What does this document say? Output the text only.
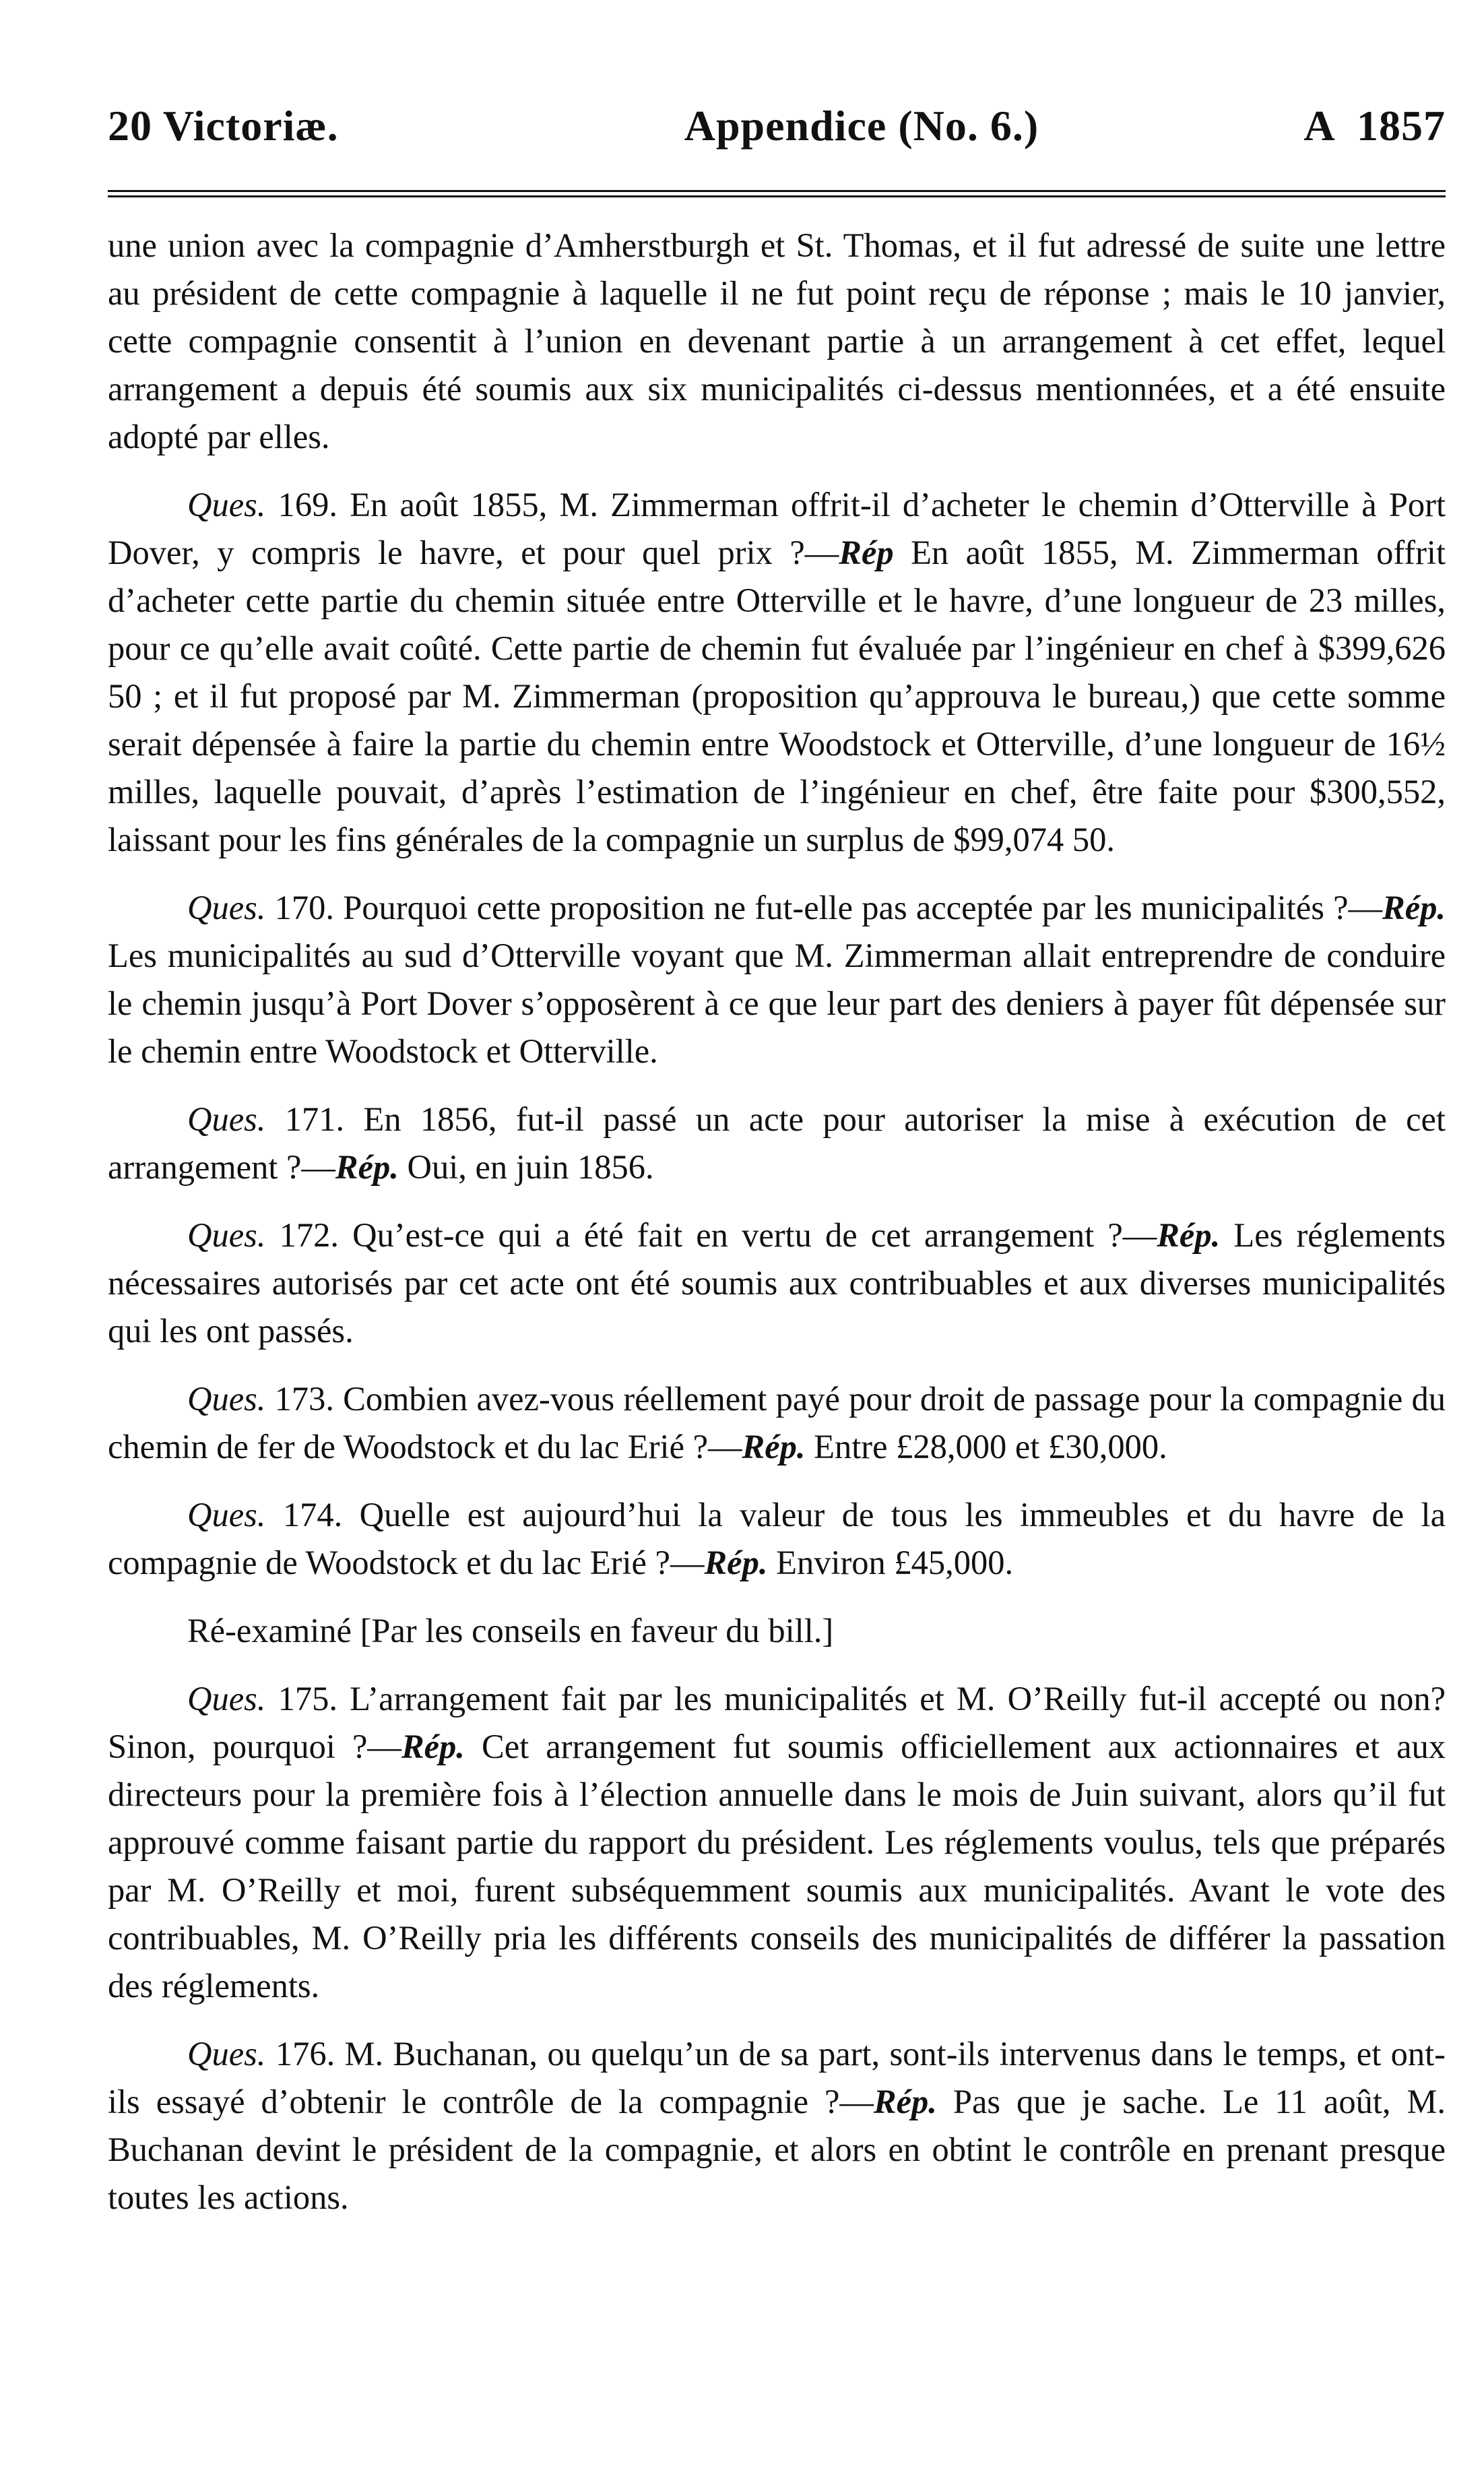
20 Victoriæ.	Appendice (No. 6.)	A 1857

une union avec la compagnie d’Amherstburgh et St. Thomas, et il fut adressé de suite une lettre au président de cette compagnie à laquelle il ne fut point reçu de réponse ; mais le 10 janvier, cette compagnie consentit à l’union en devenant partie à un arrangement à cet effet, lequel arrangement a depuis été soumis aux six municipalités ci-dessus mentionnées, et a été ensuite adopté par elles.

Ques. 169. En août 1855, M. Zimmerman offrit-il d’acheter le chemin d’Otterville à Port Dover, y compris le havre, et pour quel prix ?—Rép En août 1855, M. Zimmerman offrit d’acheter cette partie du chemin située entre Otterville et le havre, d’une longueur de 23 milles, pour ce qu’elle avait coûté. Cette partie de chemin fut évaluée par l’ingénieur en chef à $399,626 50 ; et il fut proposé par M. Zimmerman (proposition qu’approuva le bureau,) que cette somme serait dépensée à faire la partie du chemin entre Woodstock et Otterville, d’une longueur de 16½ milles, laquelle pouvait, d’après l’estimation de l’ingénieur en chef, être faite pour $300,552, laissant pour les fins générales de la compagnie un surplus de $99,074 50.

Ques. 170. Pourquoi cette proposition ne fut-elle pas acceptée par les municipalités ?—Rép. Les municipalités au sud d’Otterville voyant que M. Zimmerman allait entreprendre de conduire le chemin jusqu’à Port Dover s’opposèrent à ce que leur part des deniers à payer fût dépensée sur le chemin entre Woodstock et Otterville.

Ques. 171. En 1856, fut-il passé un acte pour autoriser la mise à exécution de cet arrangement ?—Rép. Oui, en juin 1856.

Ques. 172. Qu’est-ce qui a été fait en vertu de cet arrangement ?—Rép. Les réglements nécessaires autorisés par cet acte ont été soumis aux contribuables et aux diverses municipalités qui les ont passés.

Ques. 173. Combien avez-vous réellement payé pour droit de passage pour la compagnie du chemin de fer de Woodstock et du lac Erié ?—Rép. Entre £28,000 et £30,000.

Ques. 174. Quelle est aujourd’hui la valeur de tous les immeubles et du havre de la compagnie de Woodstock et du lac Erié ?—Rép. Environ £45,000.

Ré-examiné [Par les conseils en faveur du bill.]

Ques. 175. L’arrangement fait par les municipalités et M. O’Reilly fut-il accepté ou non? Sinon, pourquoi ?—Rép. Cet arrangement fut soumis officiellement aux actionnaires et aux directeurs pour la première fois à l’élection annuelle dans le mois de Juin suivant, alors qu’il fut approuvé comme faisant partie du rapport du président. Les réglements voulus, tels que préparés par M. O’Reilly et moi, furent subséquemment soumis aux municipalités. Avant le vote des contribuables, M. O’Reilly pria les différents conseils des municipalités de différer la passation des réglements.

Ques. 176. M. Buchanan, ou quelqu’un de sa part, sont-ils intervenus dans le temps, et ont-ils essayé d’obtenir le contrôle de la compagnie ?—Rép. Pas que je sache. Le 11 août, M. Buchanan devint le président de la compagnie, et alors en obtint le contrôle en prenant presque toutes les actions.
